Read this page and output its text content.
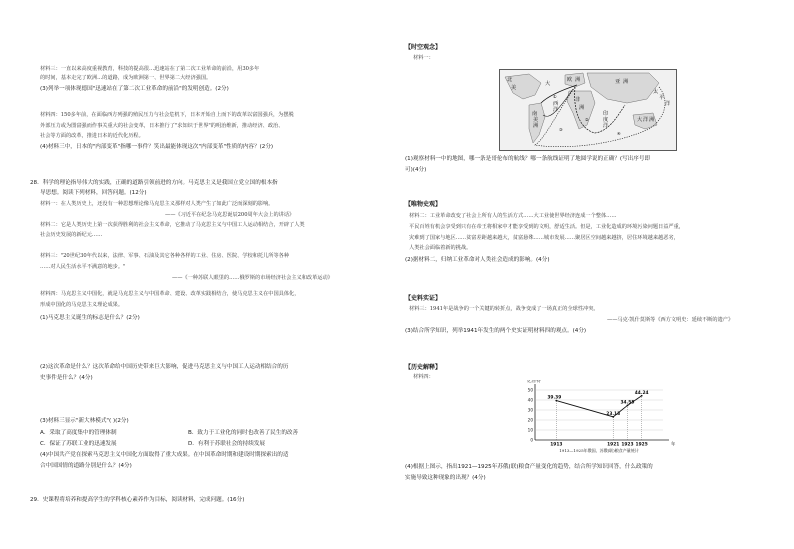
材料三：一直以来高度重视教育，科技的提高很…迅速站在了第二次工业革命的前沿，用30多年
的时间，基本走完了欧洲…的道路，成为欧洲第一、世界第二大经济强国。
(3)列举一项体现德国"迅速站在了第二次工业革命的前沿"的发明创造。(2分)
材料四：150多年前，在面临西方列强的殖民压力与社会危机下，日本开始自上而下的改革以富国强兵，为摆脱
外部压力或为图富强而作事关重大的社会变革，日本推行了"求知识于世界"的明治维新，推动经济、政治、
社会等方面的改革，推进日本的近代化历程。
(4)材料三中，日本的"内部变革"指哪一事件？笑出最能体现这次"内部变革"性质的内容？(2分)
28．科学的理论指导伟大的实践，正确的道路引领前进的方向。马克思主义是我国立党立国的根本指
导思想。阅读下列材料，回答问题。(12分)
材料一：在人类历史上，还没有一种思想理论像马克思主义那样对人类产生了如此广泛而深刻的影响。
——《习近平在纪念马克思诞辰200周年大会上的讲话》
材料二：它是人类历史上第一次获得胜利的社会主义革命，它推动了马克思主义与中国工人运动相结合，开辟了人类
社会历史发展的新纪元……
材料三："20世纪30年代以来，法律、军事、石油及其它各种各样的工业、住房、医院、学校和托儿所等各种
……对人民生活水平不满意的地步。"
——《一种苏联人眼里的……俄罗斯的市场经济社会主义和改革运动》
材料四：马克思主义中国化，就是马克思主义与中国革命、建设、改革实践相结合，使马克思主义在中国具体化，
形成中国化的马克思主义理论成果。
(1)马克思主义诞生的标志是什么？(2分)
(2)这次革命是什么？这次革命给中国历史带来巨大影响，促进马克思主义与中国工人运动相结合的历
史事件是什么？(4分)
(3)材料三显示"新大林模式"( )(2分)
A．采取了高度集中的管理体制	B．致力于工业化的同时也改善了民生的改善
C．保证了苏联工业的迅速发展	D．有利于苏联社会的持续发展
(4)中国共产党在探索马克思主义中国化方面取得了重大成果。在中国革命时期和建设时期探索出的适
合中国国情的道路分别是什么？(4分)
29．史课程将培养和提高学生的学科核心素养作为目标，阅读材料，完成问题。(16分)
【时空观念】
材料一：
①
②
③
④
北
美
大
欧 洲	亚 洲
非
洲
南
美
洲
太
平
洋
大 洋 洲
印
度
洋
西
洋
(1)观察材料一中的地图，哪一条是哥伦布的航线？哪一条航线证明了地圆学说的正确？(写出序号即
可)(4分)
【唯物史观】
材料二：工业革命改变了社会上所有人的生活方式……大工业使世界经济连成一个整体……
平民百姓有机会享受到只有在帝王将相家中才能享受到的文明，舒适生活。但是，工业化造成的环境污染问题日益严重，
灾难到了国家与地区……贫富差距越来越大，贫富悬殊……城市发展……聚居区空间越来越挤，居住环境越来越恶劣，
人类社会面临着新的挑战。
(2)据材料二，归纳工业革命对人类社会造成的影响。(4分)
【史料实证】
材料三：1941年是战争的一个关键的转折点，战争变成了一场真正的全球性冲突。
——马克·凯什莫斯等《西方文明史：延续不断的遗产》
(3)结合所学知识，列举1941年发生的两个史实证明材料四的观点。(4分)
【历史解释】
材料四：
0
10
20
30
40
50
亿普特
1913	1921 1923 1925	年
39.39
23.13
34.55
44.24
1913—1925年俄国、苏俄(联)粮食产量统计
(4)根据上图示，指出1921—1925年苏俄(联)粮食产量变化的趋势，结合所学知识回答，什么政策的
实施导致这种现象的出现？(4分)
